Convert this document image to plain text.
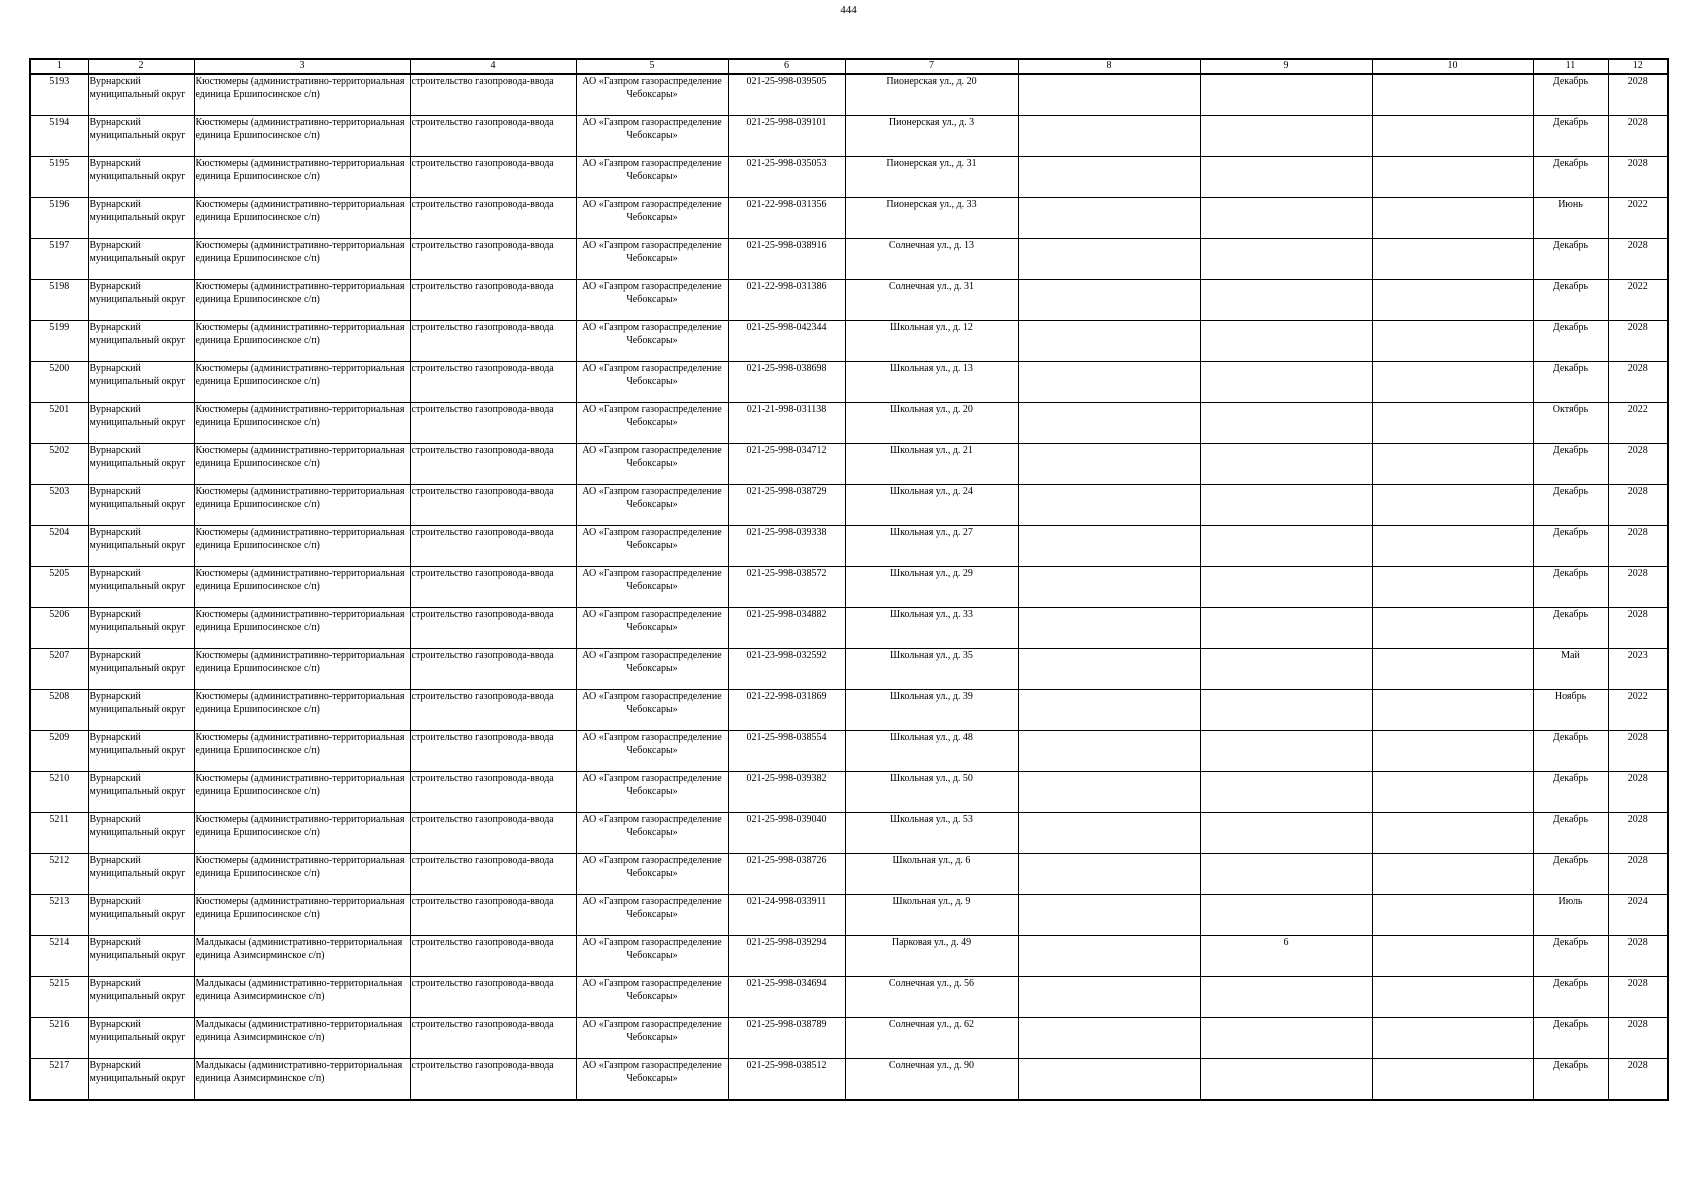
444
1	2	3	4	5	6	7	8	9	10	11	12

5193	Вурнарский муниципальный округ	Кюстюмеры (административно-территориальная единица Ершипосинское с/п)	строительство газопровода-ввода	АО «Газпром газораспределение Чебоксары»	021-25-998-039505	Пионерская ул., д. 20				Декабрь	2028

5194	Вурнарский муниципальный округ	Кюстюмеры (административно-территориальная единица Ершипосинское с/п)	строительство газопровода-ввода	АО «Газпром газораспределение Чебоксары»	021-25-998-039101	Пионерская ул., д. 3				Декабрь	2028

5195	Вурнарский муниципальный округ	Кюстюмеры (административно-территориальная единица Ершипосинское с/п)	строительство газопровода-ввода	АО «Газпром газораспределение Чебоксары»	021-25-998-035053	Пионерская ул., д. 31				Декабрь	2028

5196	Вурнарский муниципальный округ	Кюстюмеры (административно-территориальная единица Ершипосинское с/п)	строительство газопровода-ввода	АО «Газпром газораспределение Чебоксары»	021-22-998-031356	Пионерская ул., д. 33				Июнь	2022

5197	Вурнарский муниципальный округ	Кюстюмеры (административно-территориальная единица Ершипосинское с/п)	строительство газопровода-ввода	АО «Газпром газораспределение Чебоксары»	021-25-998-038916	Солнечная ул., д. 13				Декабрь	2028

5198	Вурнарский муниципальный округ	Кюстюмеры (административно-территориальная единица Ершипосинское с/п)	строительство газопровода-ввода	АО «Газпром газораспределение Чебоксары»	021-22-998-031386	Солнечная ул., д. 31				Декабрь	2022

5199	Вурнарский муниципальный округ	Кюстюмеры (административно-территориальная единица Ершипосинское с/п)	строительство газопровода-ввода	АО «Газпром газораспределение Чебоксары»	021-25-998-042344	Школьная ул., д. 12				Декабрь	2028

5200	Вурнарский муниципальный округ	Кюстюмеры (административно-территориальная единица Ершипосинское с/п)	строительство газопровода-ввода	АО «Газпром газораспределение Чебоксары»	021-25-998-038698	Школьная ул., д. 13				Декабрь	2028

5201	Вурнарский муниципальный округ	Кюстюмеры (административно-территориальная единица Ершипосинское с/п)	строительство газопровода-ввода	АО «Газпром газораспределение Чебоксары»	021-21-998-031138	Школьная ул., д. 20				Октябрь	2022

5202	Вурнарский муниципальный округ	Кюстюмеры (административно-территориальная единица Ершипосинское с/п)	строительство газопровода-ввода	АО «Газпром газораспределение Чебоксары»	021-25-998-034712	Школьная ул., д. 21				Декабрь	2028

5203	Вурнарский муниципальный округ	Кюстюмеры (административно-территориальная единица Ершипосинское с/п)	строительство газопровода-ввода	АО «Газпром газораспределение Чебоксары»	021-25-998-038729	Школьная ул., д. 24				Декабрь	2028

5204	Вурнарский муниципальный округ	Кюстюмеры (административно-территориальная единица Ершипосинское с/п)	строительство газопровода-ввода	АО «Газпром газораспределение Чебоксары»	021-25-998-039338	Школьная ул., д. 27				Декабрь	2028

5205	Вурнарский муниципальный округ	Кюстюмеры (административно-территориальная единица Ершипосинское с/п)	строительство газопровода-ввода	АО «Газпром газораспределение Чебоксары»	021-25-998-038572	Школьная ул., д. 29				Декабрь	2028

5206	Вурнарский муниципальный округ	Кюстюмеры (административно-территориальная единица Ершипосинское с/п)	строительство газопровода-ввода	АО «Газпром газораспределение Чебоксары»	021-25-998-034882	Школьная ул., д. 33				Декабрь	2028

5207	Вурнарский муниципальный округ	Кюстюмеры (административно-территориальная единица Ершипосинское с/п)	строительство газопровода-ввода	АО «Газпром газораспределение Чебоксары»	021-23-998-032592	Школьная ул., д. 35				Май	2023

5208	Вурнарский муниципальный округ	Кюстюмеры (административно-территориальная единица Ершипосинское с/п)	строительство газопровода-ввода	АО «Газпром газораспределение Чебоксары»	021-22-998-031869	Школьная ул., д. 39				Ноябрь	2022

5209	Вурнарский муниципальный округ	Кюстюмеры (административно-территориальная единица Ершипосинское с/п)	строительство газопровода-ввода	АО «Газпром газораспределение Чебоксары»	021-25-998-038554	Школьная ул., д. 48				Декабрь	2028

5210	Вурнарский муниципальный округ	Кюстюмеры (административно-территориальная единица Ершипосинское с/п)	строительство газопровода-ввода	АО «Газпром газораспределение Чебоксары»	021-25-998-039382	Школьная ул., д. 50				Декабрь	2028

5211	Вурнарский муниципальный округ	Кюстюмеры (административно-территориальная единица Ершипосинское с/п)	строительство газопровода-ввода	АО «Газпром газораспределение Чебоксары»	021-25-998-039040	Школьная ул., д. 53				Декабрь	2028

5212	Вурнарский муниципальный округ	Кюстюмеры (административно-территориальная единица Ершипосинское с/п)	строительство газопровода-ввода	АО «Газпром газораспределение Чебоксары»	021-25-998-038726	Школьная ул., д. 6				Декабрь	2028

5213	Вурнарский муниципальный округ	Кюстюмеры (административно-территориальная единица Ершипосинское с/п)	строительство газопровода-ввода	АО «Газпром газораспределение Чебоксары»	021-24-998-033911	Школьная ул., д. 9				Июль	2024

5214	Вурнарский муниципальный округ	Малдыкасы (административно-территориальная единица Азимсирминское с/п)	строительство газопровода-ввода	АО «Газпром газораспределение Чебоксары»	021-25-998-039294	Парковая ул., д. 49		6		Декабрь	2028

5215	Вурнарский муниципальный округ	Малдыкасы (административно-территориальная единица Азимсирминское с/п)	строительство газопровода-ввода	АО «Газпром газораспределение Чебоксары»	021-25-998-034694	Солнечная ул., д. 56				Декабрь	2028

5216	Вурнарский муниципальный округ	Малдыкасы (административно-территориальная единица Азимсирминское с/п)	строительство газопровода-ввода	АО «Газпром газораспределение Чебоксары»	021-25-998-038789	Солнечная ул., д. 62				Декабрь	2028

5217	Вурнарский муниципальный округ	Малдыкасы (административно-территориальная единица Азимсирминское с/п)	строительство газопровода-ввода	АО «Газпром газораспределение Чебоксары»	021-25-998-038512	Солнечная ул., д. 90				Декабрь	2028
